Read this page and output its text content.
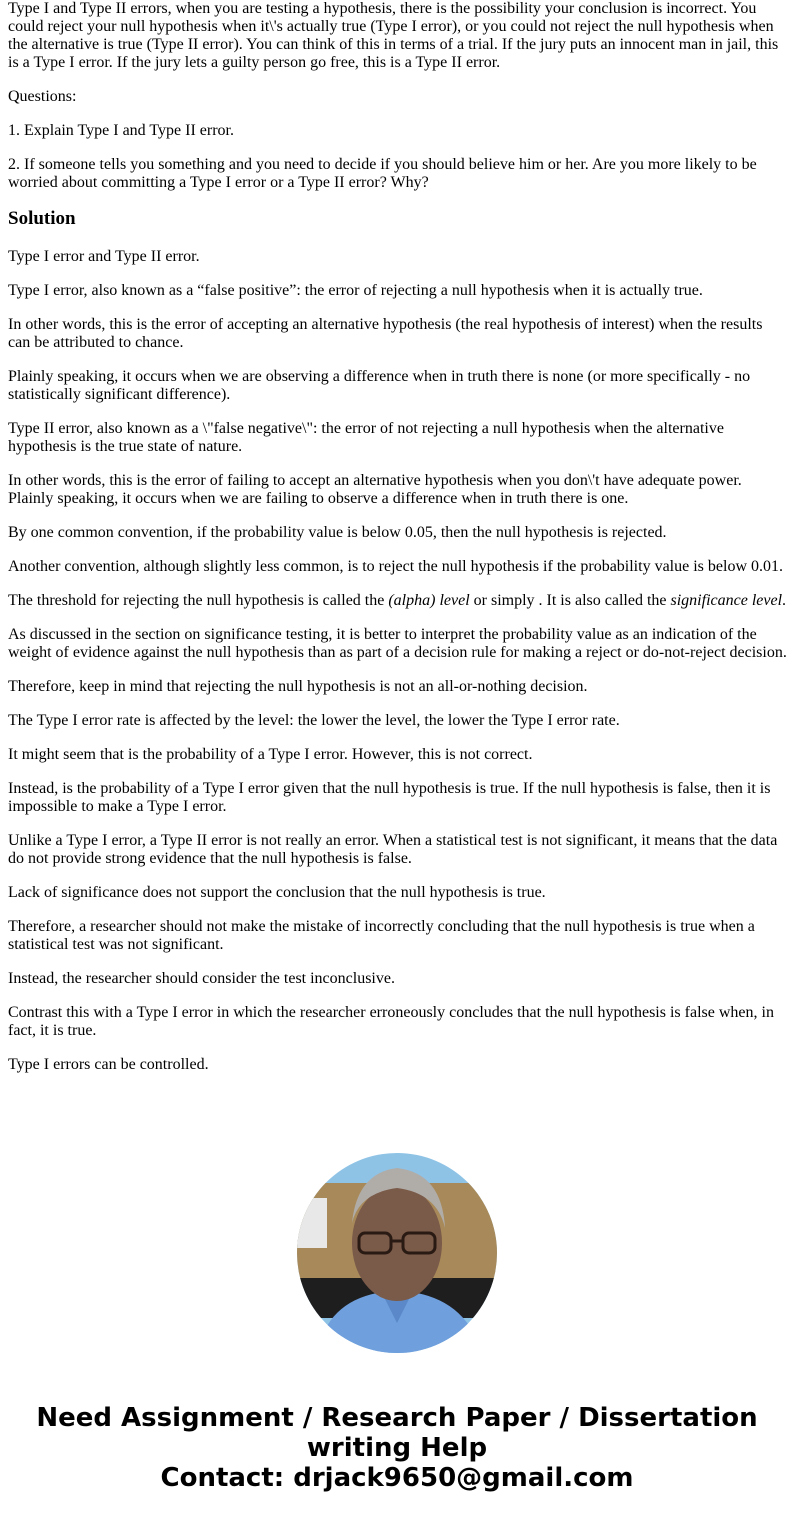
Type I and Type II errors, when you are testing a hypothesis, there is the possibility your conclusion is incorrect. You could reject your null hypothesis when it\'s actually true (Type I error), or you could not reject the null hypothesis when the alternative is true (Type II error). You can think of this in terms of a trial. If the jury puts an innocent man in jail, this is a Type I error. If the jury lets a guilty person go free, this is a Type II error.

Questions:

1. Explain Type I and Type II error.

2. If someone tells you something and you need to decide if you should believe him or her. Are you more likely to be worried about committing a Type I error or a Type II error? Why?

Solution

Type I error and Type II error.

Type I error, also known as a “false positive”: the error of rejecting a null hypothesis when it is actually true.

In other words, this is the error of accepting an alternative hypothesis (the real hypothesis of interest) when the results can be attributed to chance.

Plainly speaking, it occurs when we are observing a difference when in truth there is none (or more specifically - no statistically significant difference).

Type II error, also known as a \"false negative\": the error of not rejecting a null hypothesis when the alternative hypothesis is the true state of nature.

In other words, this is the error of failing to accept an alternative hypothesis when you don\'t have adequate power. Plainly speaking, it occurs when we are failing to observe a difference when in truth there is one.

By one common convention, if the probability value is below 0.05, then the null hypothesis is rejected.

Another convention, although slightly less common, is to reject the null hypothesis if the probability value is below 0.01.

The threshold for rejecting the null hypothesis is called the (alpha) level or simply . It is also called the significance level.

As discussed in the section on significance testing, it is better to interpret the probability value as an indication of the weight of evidence against the null hypothesis than as part of a decision rule for making a reject or do-not-reject decision.

Therefore, keep in mind that rejecting the null hypothesis is not an all-or-nothing decision.

The Type I error rate is affected by the level: the lower the level, the lower the Type I error rate.

It might seem that is the probability of a Type I error. However, this is not correct.

Instead, is the probability of a Type I error given that the null hypothesis is true. If the null hypothesis is false, then it is impossible to make a Type I error.

Unlike a Type I error, a Type II error is not really an error. When a statistical test is not significant, it means that the data do not provide strong evidence that the null hypothesis is false.

Lack of significance does not support the conclusion that the null hypothesis is true.

Therefore, a researcher should not make the mistake of incorrectly concluding that the null hypothesis is true when a statistical test was not significant.

Instead, the researcher should consider the test inconclusive.

Contrast this with a Type I error in which the researcher erroneously concludes that the null hypothesis is false when, in fact, it is true.

Type I errors can be controlled.

Need Assignment / Research Paper / Dissertation
writing Help
Contact: drjack9650@gmail.com
